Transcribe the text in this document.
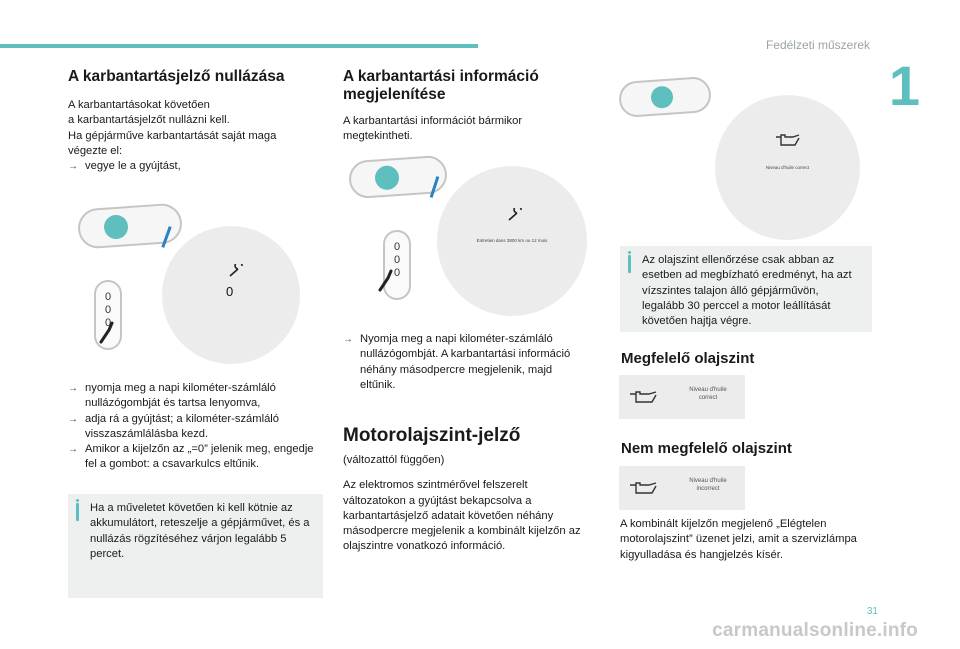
Fedélzeti műszerek
1
A karbantartásjelző nullázása

A karbantartásokat követően
a karbantartásjelzőt nullázni kell.
Ha gépjárműve karbantartását saját maga
végezte el:

→ vegye le a gyújtást,
0
0
0
0
→ nyomja meg a napi kilométer-számláló nullázógombját és tartsa lenyomva,
→ adja rá a gyújtást; a kilométer-számláló visszaszámlálásba kezd.
→ Amikor a kijelzőn az „=0” jelenik meg, engedje fel a gombot: a csavarkulcs eltűnik.

Ha a műveletet követően ki kell kötnie az akkumulátort, reteszelje a gépjárművet, és a nullázás rögzítéséhez várjon legalább 5 percet.

A karbantartási információ megjelenítése

A karbantartási információt bármikor megtekintheti.

Entretien dans 3800 km ou 12 mois
0
0
0
→ Nyomja meg a napi kilométer-számláló nullázógombját. A karbantartási információ néhány másodpercre megjelenik, majd eltűnik.
Motorolajszint-jelző

(változattól függően)

Az elektromos szintmérővel felszerelt változatokon a gyújtást bekapcsolva a karbantartásjelző adatait követően néhány másodpercre megjelenik a kombinált kijelzőn az olajszintre vonatkozó információ.

Niveau d'huile correct

Az olajszint ellenőrzése csak abban az esetben ad megbízható eredményt, ha azt vízszintes talajon álló gépjárművön, legalább 30 perccel a motor leállítását követően hajtja végre.

Megfelelő olajszint
Niveau d'huile correct
Nem megfelelő olajszint
Niveau d'huile incorrect

A kombinált kijelzőn megjelenő „Elégtelen motorolajszint” üzenet jelzi, amit a szervizlámpa kigyulladása és hangjelzés kísér.

31
carmanualsonline.info
